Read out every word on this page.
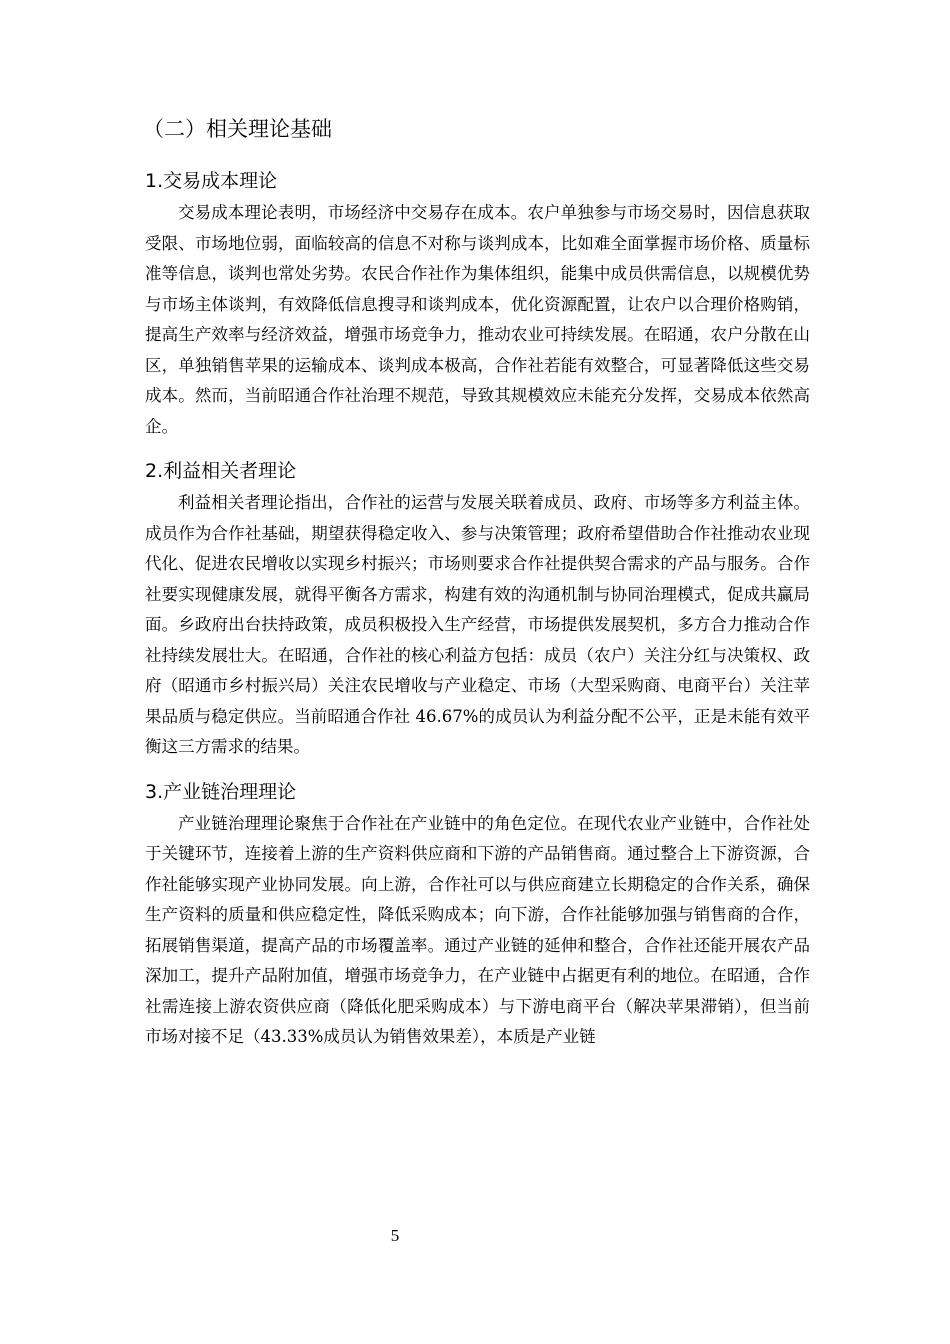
（二）相关理论基础
1.交易成本理论

交易成本理论表明，市场经济中交易存在成本。农户单独参与市场交易时，因信息获取受限、市场地位弱，面临较高的信息不对称与谈判成本，比如难全面掌握市场价格、质量标准等信息，谈判也常处劣势。农民合作社作为集体组织，能集中成员供需信息，以规模优势与市场主体谈判，有效降低信息搜寻和谈判成本，优化资源配置，让农户以合理价格购销，提高生产效率与经济效益，增强市场竞争力，推动农业可持续发展。在昭通，农户分散在山区，单独销售苹果的运输成本、谈判成本极高，合作社若能有效整合，可显著降低这些交易成本。然而，当前昭通合作社治理不规范，导致其规模效应未能充分发挥，交易成本依然高企。

2.利益相关者理论

利益相关者理论指出，合作社的运营与发展关联着成员、政府、市场等多方利益主体。成员作为合作社基础，期望获得稳定收入、参与决策管理；政府希望借助合作社推动农业现代化、促进农民增收以实现乡村振兴；市场则要求合作社提供契合需求的产品与服务。合作社要实现健康发展，就得平衡各方需求，构建有效的沟通机制与协同治理模式，促成共赢局面。乡政府出台扶持政策，成员积极投入生产经营，市场提供发展契机，多方合力推动合作社持续发展壮大。在昭通，合作社的核心利益方包括：成员（农户）关注分红与决策权、政府（昭通市乡村振兴局）关注农民增收与产业稳定、市场（大型采购商、电商平台）关注苹果品质与稳定供应。当前昭通合作社 46.67%的成员认为利益分配不公平，正是未能有效平衡这三方需求的结果。

3.产业链治理理论

产业链治理理论聚焦于合作社在产业链中的角色定位。在现代农业产业链中，合作社处于关键环节，连接着上游的生产资料供应商和下游的产品销售商。通过整合上下游资源，合作社能够实现产业协同发展。向上游，合作社可以与供应商建立长期稳定的合作关系，确保生产资料的质量和供应稳定性，降低采购成本；向下游，合作社能够加强与销售商的合作，拓展销售渠道，提高产品的市场覆盖率。通过产业链的延伸和整合，合作社还能开展农产品深加工，提升产品附加值，增强市场竞争力，在产业链中占据更有利的地位。在昭通，合作社需连接上游农资供应商（降低化肥采购成本）与下游电商平台（解决苹果滞销），但当前市场对接不足（43.33%成员认为销售效果差），本质是产业链

5
